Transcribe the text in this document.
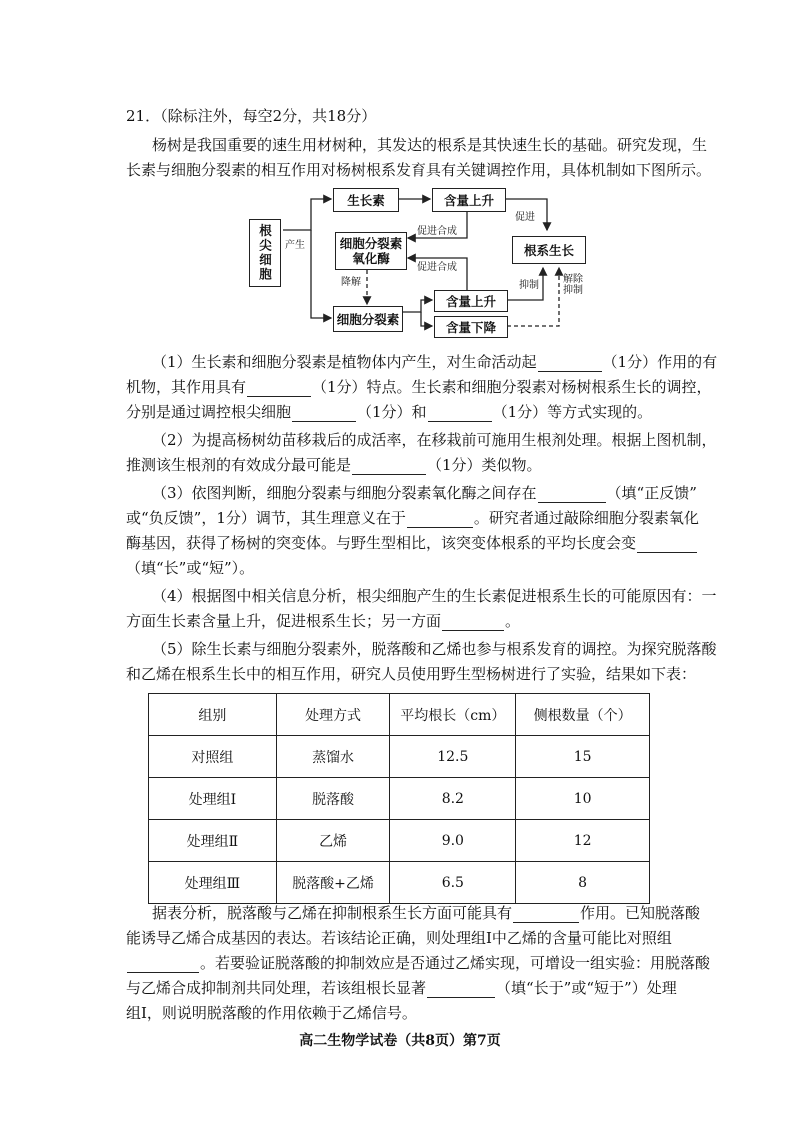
21．（除标注外，每空2分，共18分）
杨树是我国重要的速生用材树种，其发达的根系是其快速生长的基础。研究发现，生
长素与细胞分裂素的相互作用对杨树根系发育具有关键调控作用，具体机制如下图所示。
根尖细胞
生长素	含量上升
细胞分裂素
氧化酶
根系生长
细胞分裂素
含量上升
含量下降
产生
促进
促进合成
促进合成
降解	抑制
解除抑制
（1）生长素和细胞分裂素是植物体内产生，对生命活动起	（1分）作用的有
机物，其作用具有	（1分）特点。生长素和细胞分裂素对杨树根系生长的调控，
分别是通过调控根尖细胞	（1分）和	（1分）等方式实现的。
（2）为提高杨树幼苗移栽后的成活率，在移栽前可施用生根剂处理。根据上图机制，
推测该生根剂的有效成分最可能是	（1分）类似物。
（3）依图判断，细胞分裂素与细胞分裂素氧化酶之间存在	（填“正反馈”
或“负反馈”，1分）调节，其生理意义在于	。研究者通过敲除细胞分裂素氧化
酶基因，获得了杨树的突变体。与野生型相比，该突变体根系的平均长度会变
（填“长”或“短”）。
（4）根据图中相关信息分析，根尖细胞产生的生长素促进根系生长的可能原因有：一
方面生长素含量上升，促进根系生长；另一方面	。
（5）除生长素与细胞分裂素外，脱落酸和乙烯也参与根系发育的调控。为探究脱落酸
和乙烯在根系生长中的相互作用，研究人员使用野生型杨树进行了实验，结果如下表：
组别	处理方式	平均根长（cm）	侧根数量（个）
对照组	蒸馏水	12.5	15
处理组Ⅰ	脱落酸	8.2	10
处理组Ⅱ	乙烯	9.0	12
处理组Ⅲ	脱落酸+乙烯	6.5	8
据表分析，脱落酸与乙烯在抑制根系生长方面可能具有	作用。已知脱落酸
能诱导乙烯合成基因的表达。若该结论正确，则处理组Ⅰ中乙烯的含量可能比对照组
。若要验证脱落酸的抑制效应是否通过乙烯实现，可增设一组实验：用脱落酸
与乙烯合成抑制剂共同处理，若该组根长显著	（填“长于”或“短于”）处理
组Ⅰ，则说明脱落酸的作用依赖于乙烯信号。
高二生物学试卷（共8页）第7页
